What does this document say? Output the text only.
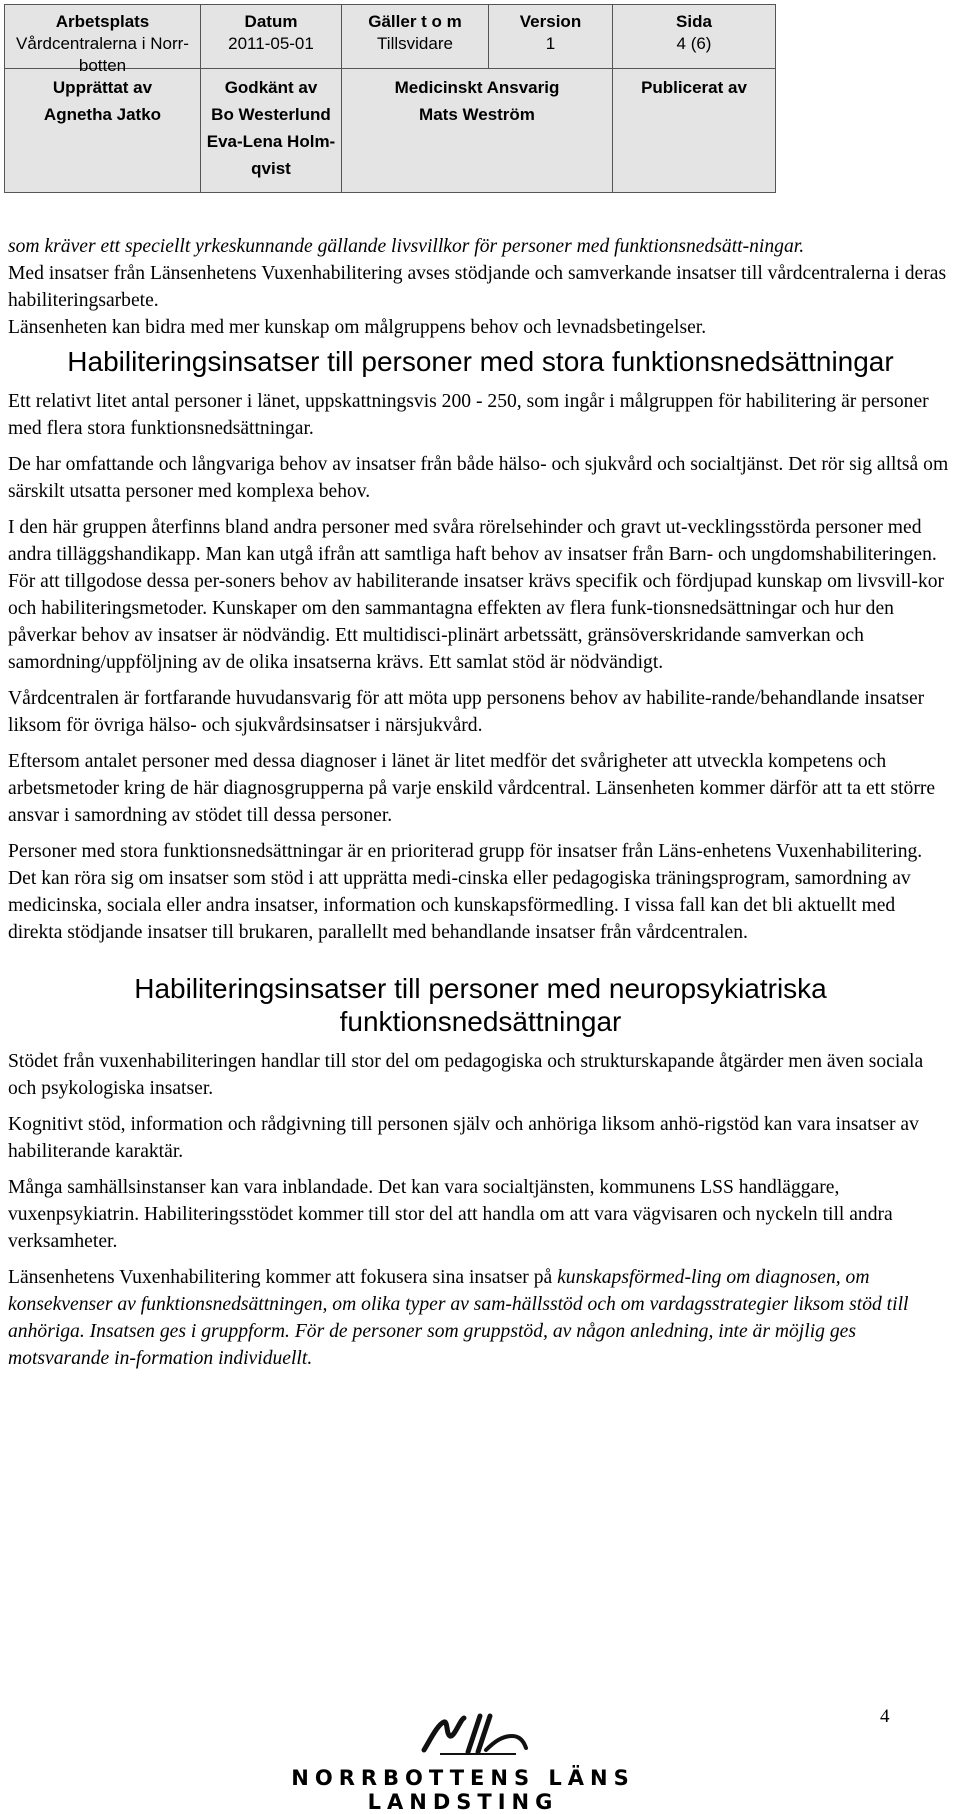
Arbetsplats
Vårdcentralerna i Norr-
botten
Datum
2011-05-01
Gäller t o m
Tillsvidare
Version
1
Sida
4 (6)
Upprättat av
Agnetha Jatko
Godkänt av
Bo Westerlund
Eva-Lena Holm-
qvist
Medicinskt Ansvarig
Mats Weström
Publicerat av

som kräver ett speciellt yrkeskunnande gällande livsvillkor för personer med funktionsnedsätt-ningar.

Med insatser från Länsenhetens Vuxenhabilitering avses stödjande och samverkande insatser till vårdcentralerna i deras habiliteringsarbete.

Länsenheten kan bidra med mer kunskap om målgruppens behov och levnadsbetingelser.

Habiliteringsinsatser till personer med stora funktionsnedsättningar

Ett relativt litet antal personer i länet, uppskattningsvis 200 - 250, som ingår i målgruppen för habilitering är personer med flera stora funktionsnedsättningar.

De har omfattande och långvariga behov av insatser från både hälso- och sjukvård och socialtjänst. Det rör sig alltså om särskilt utsatta personer med komplexa behov.

I den här gruppen återfinns bland andra personer med svåra rörelsehinder och gravt ut-vecklingsstörda personer med andra tilläggshandikapp. Man kan utgå ifrån att samtliga haft behov av insatser från Barn- och ungdomshabiliteringen. För att tillgodose dessa per-soners behov av habiliterande insatser krävs specifik och fördjupad kunskap om livsvill-kor och habiliteringsmetoder. Kunskaper om den sammantagna effekten av flera funk-tionsnedsättningar och hur den påverkar behov av insatser är nödvändig. Ett multidisci-plinärt arbetssätt, gränsöverskridande samverkan och samordning/uppföljning av de olika insatserna krävs. Ett samlat stöd är nödvändigt.

Vårdcentralen är fortfarande huvudansvarig för att möta upp personens behov av habilite-rande/behandlande insatser liksom för övriga hälso- och sjukvårdsinsatser i närsjukvård.

Eftersom antalet personer med dessa diagnoser i länet är litet medför det svårigheter att utveckla kompetens och arbetsmetoder kring de här diagnosgrupperna på varje enskild vårdcentral. Länsenheten kommer därför att ta ett större ansvar i samordning av stödet till dessa personer.

Personer med stora funktionsnedsättningar är en prioriterad grupp för insatser från Läns-enhetens Vuxenhabilitering. Det kan röra sig om insatser som stöd i att upprätta medi-cinska eller pedagogiska träningsprogram, samordning av medicinska, sociala eller andra insatser, information och kunskapsförmedling. I vissa fall kan det bli aktuellt med direkta stödjande insatser till brukaren, parallellt med behandlande insatser från vårdcentralen.

Habiliteringsinsatser till personer med neuropsykiatriska funktionsnedsättningar

Stödet från vuxenhabiliteringen handlar till stor del om pedagogiska och strukturskapande åtgärder men även sociala och psykologiska insatser.

Kognitivt stöd, information och rådgivning till personen själv och anhöriga liksom anhö-rigstöd kan vara insatser av habiliterande karaktär.

Många samhällsinstanser kan vara inblandade. Det kan vara socialtjänsten, kommunens LSS handläggare, vuxenpsykiatrin. Habiliteringsstödet kommer till stor del att handla om att vara vägvisaren och nyckeln till andra verksamheter.

Länsenhetens Vuxenhabilitering kommer att fokusera sina insatser på kunskapsförmed-ling om diagnosen, om konsekvenser av funktionsnedsättningen, om olika typer av sam-hällsstöd och om vardagsstrategier liksom stöd till anhöriga. Insatsen ges i gruppform. För de personer som gruppstöd, av någon anledning, inte är möjlig ges motsvarande in-formation individuellt.

4
NORRBOTTENS LÄNS LANDSTING
